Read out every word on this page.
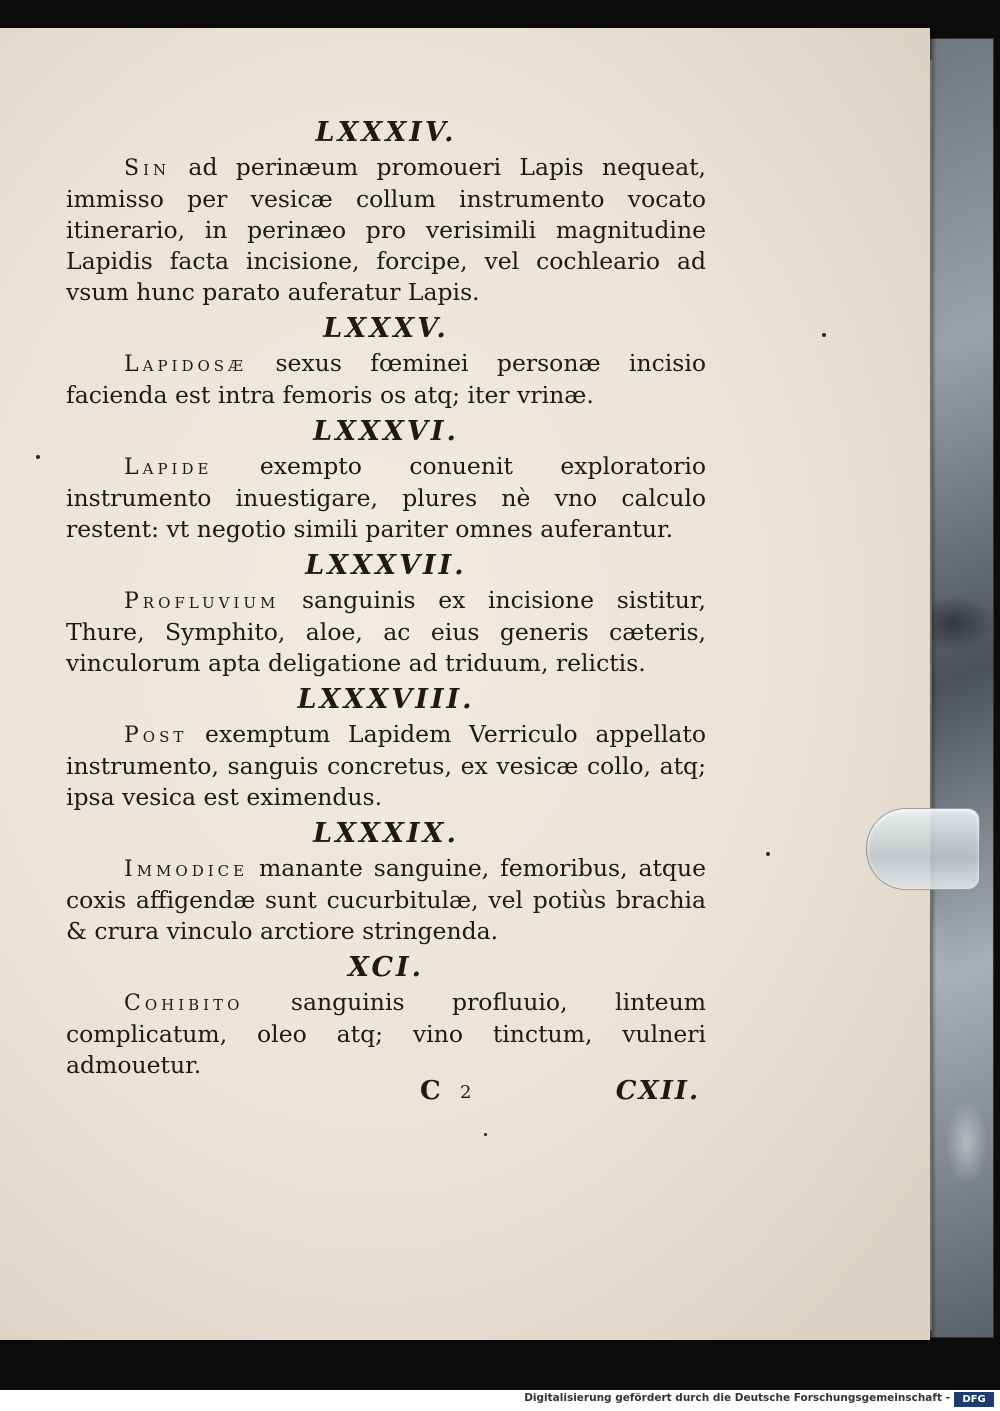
LXXXIV.

Sin ad perinæum promoueri Lapis nequeat, immisso per vesicæ collum instrumento vocato itinerario, in perinæo pro verisimili magnitudine Lapidis facta incisione, forcipe, vel cochleario ad vsum hunc parato auferatur Lapis.

LXXXV.

Lapidosæ sexus fœminei personæ incisio facienda est intra femoris os atq; iter vrinæ.

LXXXVI.

Lapide exempto conuenit exploratorio instrumento inuestigare, plures nè vno calculo restent: vt negotio simili pariter omnes auferantur.

LXXXVII.

Profluvium sanguinis ex incisione sistitur, Thure, Symphito, aloe, ac eius generis cæteris, vinculorum apta deligatione ad triduum, relictis.

LXXXVIII.

Post exemptum Lapidem Verriculo appellato instrumento, sanguis concretus, ex vesicæ collo, atq; ipsa vesica est eximendus.

LXXXIX.

Immodice manante sanguine, femoribus, atque coxis affigendæ sunt cucurbitulæ, vel potiùs brachia & crura vinculo arctiore stringenda.

XCI.

Cohibito sanguinis profluuio, linteum complicatum, oleo atq; vino tinctum, vulneri admouetur.

C 2	CXII.
Digitalisierung gefördert durch die Deutsche Forschungsgemeinschaft -	DFG
